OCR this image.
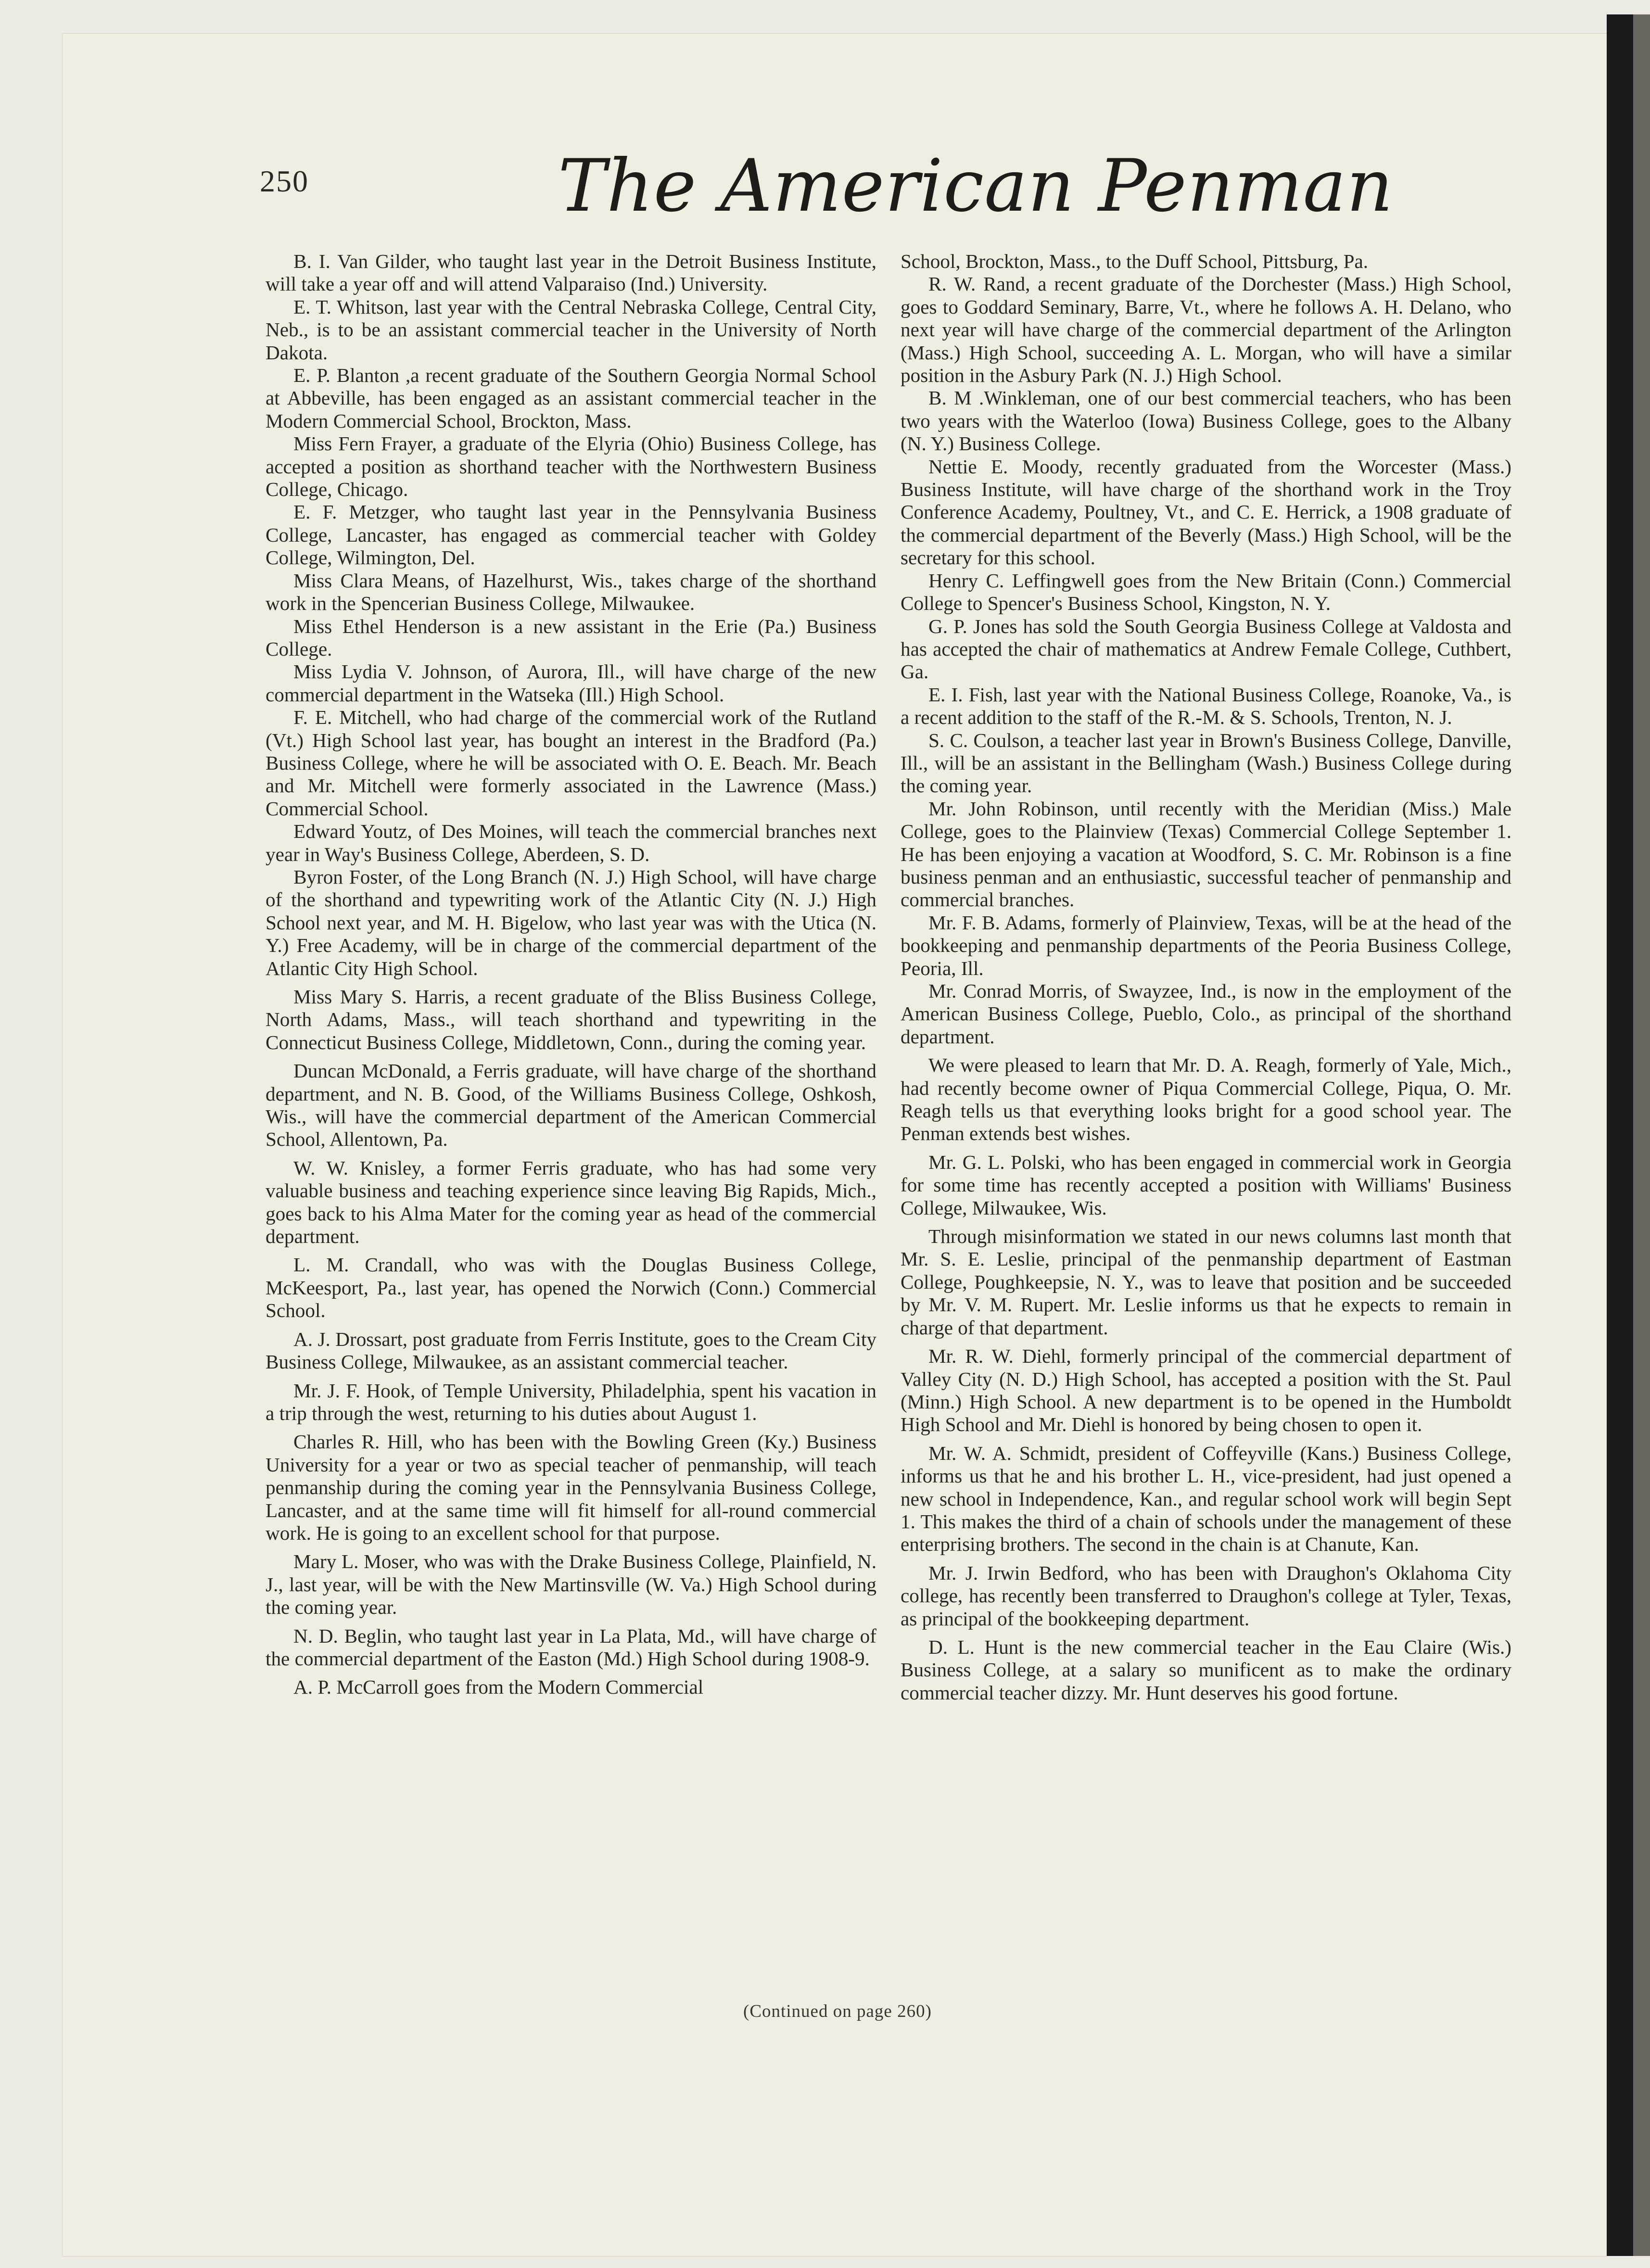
250	The American Penman

B. I. Van Gilder, who taught last year in the Detroit Business Institute, will take a year off and will attend Valparaiso (Ind.) University.

E. T. Whitson, last year with the Central Nebraska College, Central City, Neb., is to be an assistant commercial teacher in the University of North Dakota.

E. P. Blanton ,a recent graduate of the Southern Georgia Normal School at Abbeville, has been engaged as an assistant commercial teacher in the Modern Commercial School, Brockton, Mass.

Miss Fern Frayer, a graduate of the Elyria (Ohio) Business College, has accepted a position as shorthand teacher with the Northwestern Business College, Chicago.

E. F. Metzger, who taught last year in the Pennsylvania Business College, Lancaster, has engaged as commercial teacher with Goldey College, Wilmington, Del.

Miss Clara Means, of Hazelhurst, Wis., takes charge of the shorthand work in the Spencerian Business College, Milwaukee.

Miss Ethel Henderson is a new assistant in the Erie (Pa.) Business College.

Miss Lydia V. Johnson, of Aurora, Ill., will have charge of the new commercial department in the Watseka (Ill.) High School.

F. E. Mitchell, who had charge of the commercial work of the Rutland (Vt.) High School last year, has bought an interest in the Bradford (Pa.) Business College, where he will be associated with O. E. Beach. Mr. Beach and Mr. Mitchell were formerly associated in the Lawrence (Mass.) Commercial School.

Edward Youtz, of Des Moines, will teach the commercial branches next year in Way's Business College, Aberdeen, S. D.

Byron Foster, of the Long Branch (N. J.) High School, will have charge of the shorthand and typewriting work of the Atlantic City (N. J.) High School next year, and M. H. Bigelow, who last year was with the Utica (N. Y.) Free Academy, will be in charge of the commercial department of the Atlantic City High School.

Miss Mary S. Harris, a recent graduate of the Bliss Business College, North Adams, Mass., will teach shorthand and typewriting in the Connecticut Business College, Middletown, Conn., during the coming year.

Duncan McDonald, a Ferris graduate, will have charge of the shorthand department, and N. B. Good, of the Williams Business College, Oshkosh, Wis., will have the commercial department of the American Commercial School, Allentown, Pa.

W. W. Knisley, a former Ferris graduate, who has had some very valuable business and teaching experience since leaving Big Rapids, Mich., goes back to his Alma Mater for the coming year as head of the commercial department.

L. M. Crandall, who was with the Douglas Business College, McKeesport, Pa., last year, has opened the Norwich (Conn.) Commercial School.

A. J. Drossart, post graduate from Ferris Institute, goes to the Cream City Business College, Milwaukee, as an assistant commercial teacher.

Mr. J. F. Hook, of Temple University, Philadelphia, spent his vacation in a trip through the west, returning to his duties about August 1.

Charles R. Hill, who has been with the Bowling Green (Ky.) Business University for a year or two as special teacher of penmanship, will teach penmanship during the coming year in the Pennsylvania Business College, Lancaster, and at the same time will fit himself for all-round commercial work. He is going to an excellent school for that purpose.

Mary L. Moser, who was with the Drake Business College, Plainfield, N. J., last year, will be with the New Martinsville (W. Va.) High School during the coming year.

N. D. Beglin, who taught last year in La Plata, Md., will have charge of the commercial department of the Easton (Md.) High School during 1908-9.

A. P. McCarroll goes from the Modern Commercial

School, Brockton, Mass., to the Duff School, Pittsburg, Pa.

R. W. Rand, a recent graduate of the Dorchester (Mass.) High School, goes to Goddard Seminary, Barre, Vt., where he follows A. H. Delano, who next year will have charge of the commercial department of the Arlington (Mass.) High School, succeeding A. L. Morgan, who will have a similar position in the Asbury Park (N. J.) High School.

B. M .Winkleman, one of our best commercial teachers, who has been two years with the Waterloo (Iowa) Business College, goes to the Albany (N. Y.) Business College.

Nettie E. Moody, recently graduated from the Worcester (Mass.) Business Institute, will have charge of the shorthand work in the Troy Conference Academy, Poultney, Vt., and C. E. Herrick, a 1908 graduate of the commercial department of the Beverly (Mass.) High School, will be the secretary for this school.

Henry C. Leffingwell goes from the New Britain (Conn.) Commercial College to Spencer's Business School, Kingston, N. Y.

G. P. Jones has sold the South Georgia Business College at Valdosta and has accepted the chair of mathematics at Andrew Female College, Cuthbert, Ga.

E. I. Fish, last year with the National Business College, Roanoke, Va., is a recent addition to the staff of the R.-M. & S. Schools, Trenton, N. J.

S. C. Coulson, a teacher last year in Brown's Business College, Danville, Ill., will be an assistant in the Bellingham (Wash.) Business College during the coming year.

Mr. John Robinson, until recently with the Meridian (Miss.) Male College, goes to the Plainview (Texas) Commercial College September 1. He has been enjoying a vacation at Woodford, S. C. Mr. Robinson is a fine business penman and an enthusiastic, successful teacher of penmanship and commercial branches.

Mr. F. B. Adams, formerly of Plainview, Texas, will be at the head of the bookkeeping and penmanship departments of the Peoria Business College, Peoria, Ill.

Mr. Conrad Morris, of Swayzee, Ind., is now in the employment of the American Business College, Pueblo, Colo., as principal of the shorthand department.

We were pleased to learn that Mr. D. A. Reagh, formerly of Yale, Mich., had recently become owner of Piqua Commercial College, Piqua, O. Mr. Reagh tells us that everything looks bright for a good school year. The Penman extends best wishes.

Mr. G. L. Polski, who has been engaged in commercial work in Georgia for some time has recently accepted a position with Williams' Business College, Milwaukee, Wis.

Through misinformation we stated in our news columns last month that Mr. S. E. Leslie, principal of the penmanship department of Eastman College, Poughkeepsie, N. Y., was to leave that position and be succeeded by Mr. V. M. Rupert. Mr. Leslie informs us that he expects to remain in charge of that department.

Mr. R. W. Diehl, formerly principal of the commercial department of Valley City (N. D.) High School, has accepted a position with the St. Paul (Minn.) High School. A new department is to be opened in the Humboldt High School and Mr. Diehl is honored by being chosen to open it.

Mr. W. A. Schmidt, president of Coffeyville (Kans.) Business College, informs us that he and his brother L. H., vice-president, had just opened a new school in Independence, Kan., and regular school work will begin Sept 1. This makes the third of a chain of schools under the management of these enterprising brothers. The second in the chain is at Chanute, Kan.

Mr. J. Irwin Bedford, who has been with Draughon's Oklahoma City college, has recently been transferred to Draughon's college at Tyler, Texas, as principal of the bookkeeping department.

D. L. Hunt is the new commercial teacher in the Eau Claire (Wis.) Business College, at a salary so munificent as to make the ordinary commercial teacher dizzy. Mr. Hunt deserves his good fortune.

(Continued on page 260)
